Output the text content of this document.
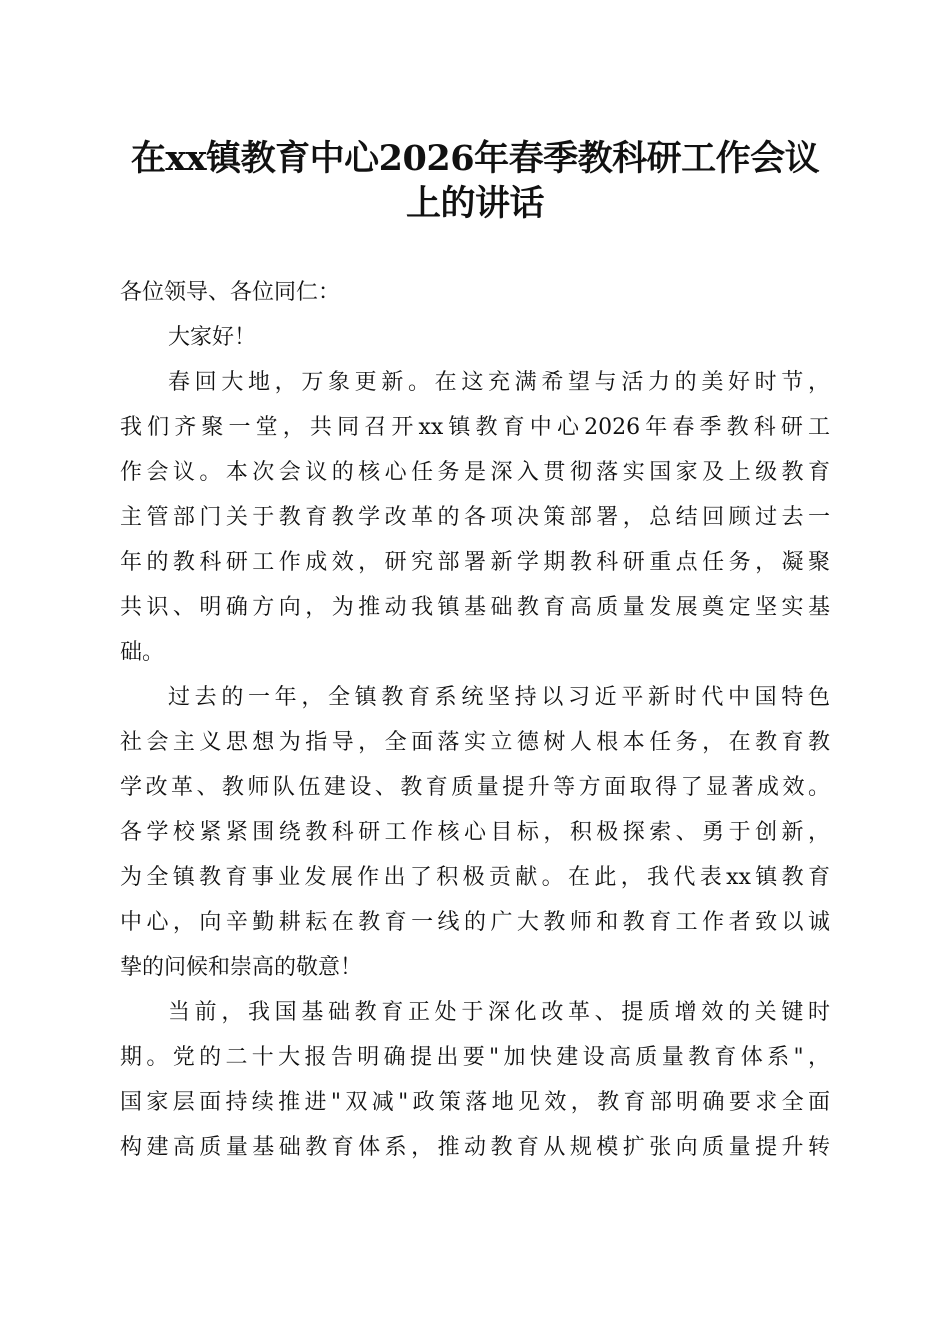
在xx镇教育中心2026年春季教科研工作会议
上的讲话
各位领导、各位同仁：
大家好！
春回大地，万象更新。在这充满希望与活力的美好时节，
我们齐聚一堂，共同召开xx镇教育中心2026年春季教科研工
作会议。本次会议的核心任务是深入贯彻落实国家及上级教育
主管部门关于教育教学改革的各项决策部署，总结回顾过去一
年的教科研工作成效，研究部署新学期教科研重点任务，凝聚
共识、明确方向，为推动我镇基础教育高质量发展奠定坚实基
础。
过去的一年，全镇教育系统坚持以习近平新时代中国特色
社会主义思想为指导，全面落实立德树人根本任务，在教育教
学改革、教师队伍建设、教育质量提升等方面取得了显著成效。
各学校紧紧围绕教科研工作核心目标，积极探索、勇于创新，
为全镇教育事业发展作出了积极贡献。在此，我代表xx镇教育
中心，向辛勤耕耘在教育一线的广大教师和教育工作者致以诚
挚的问候和崇高的敬意！
当前，我国基础教育正处于深化改革、提质增效的关键时
期。党的二十大报告明确提出要"加快建设高质量教育体系"，
国家层面持续推进"双减"政策落地见效，教育部明确要求全面
构建高质量基础教育体系，推动教育从规模扩张向质量提升转
